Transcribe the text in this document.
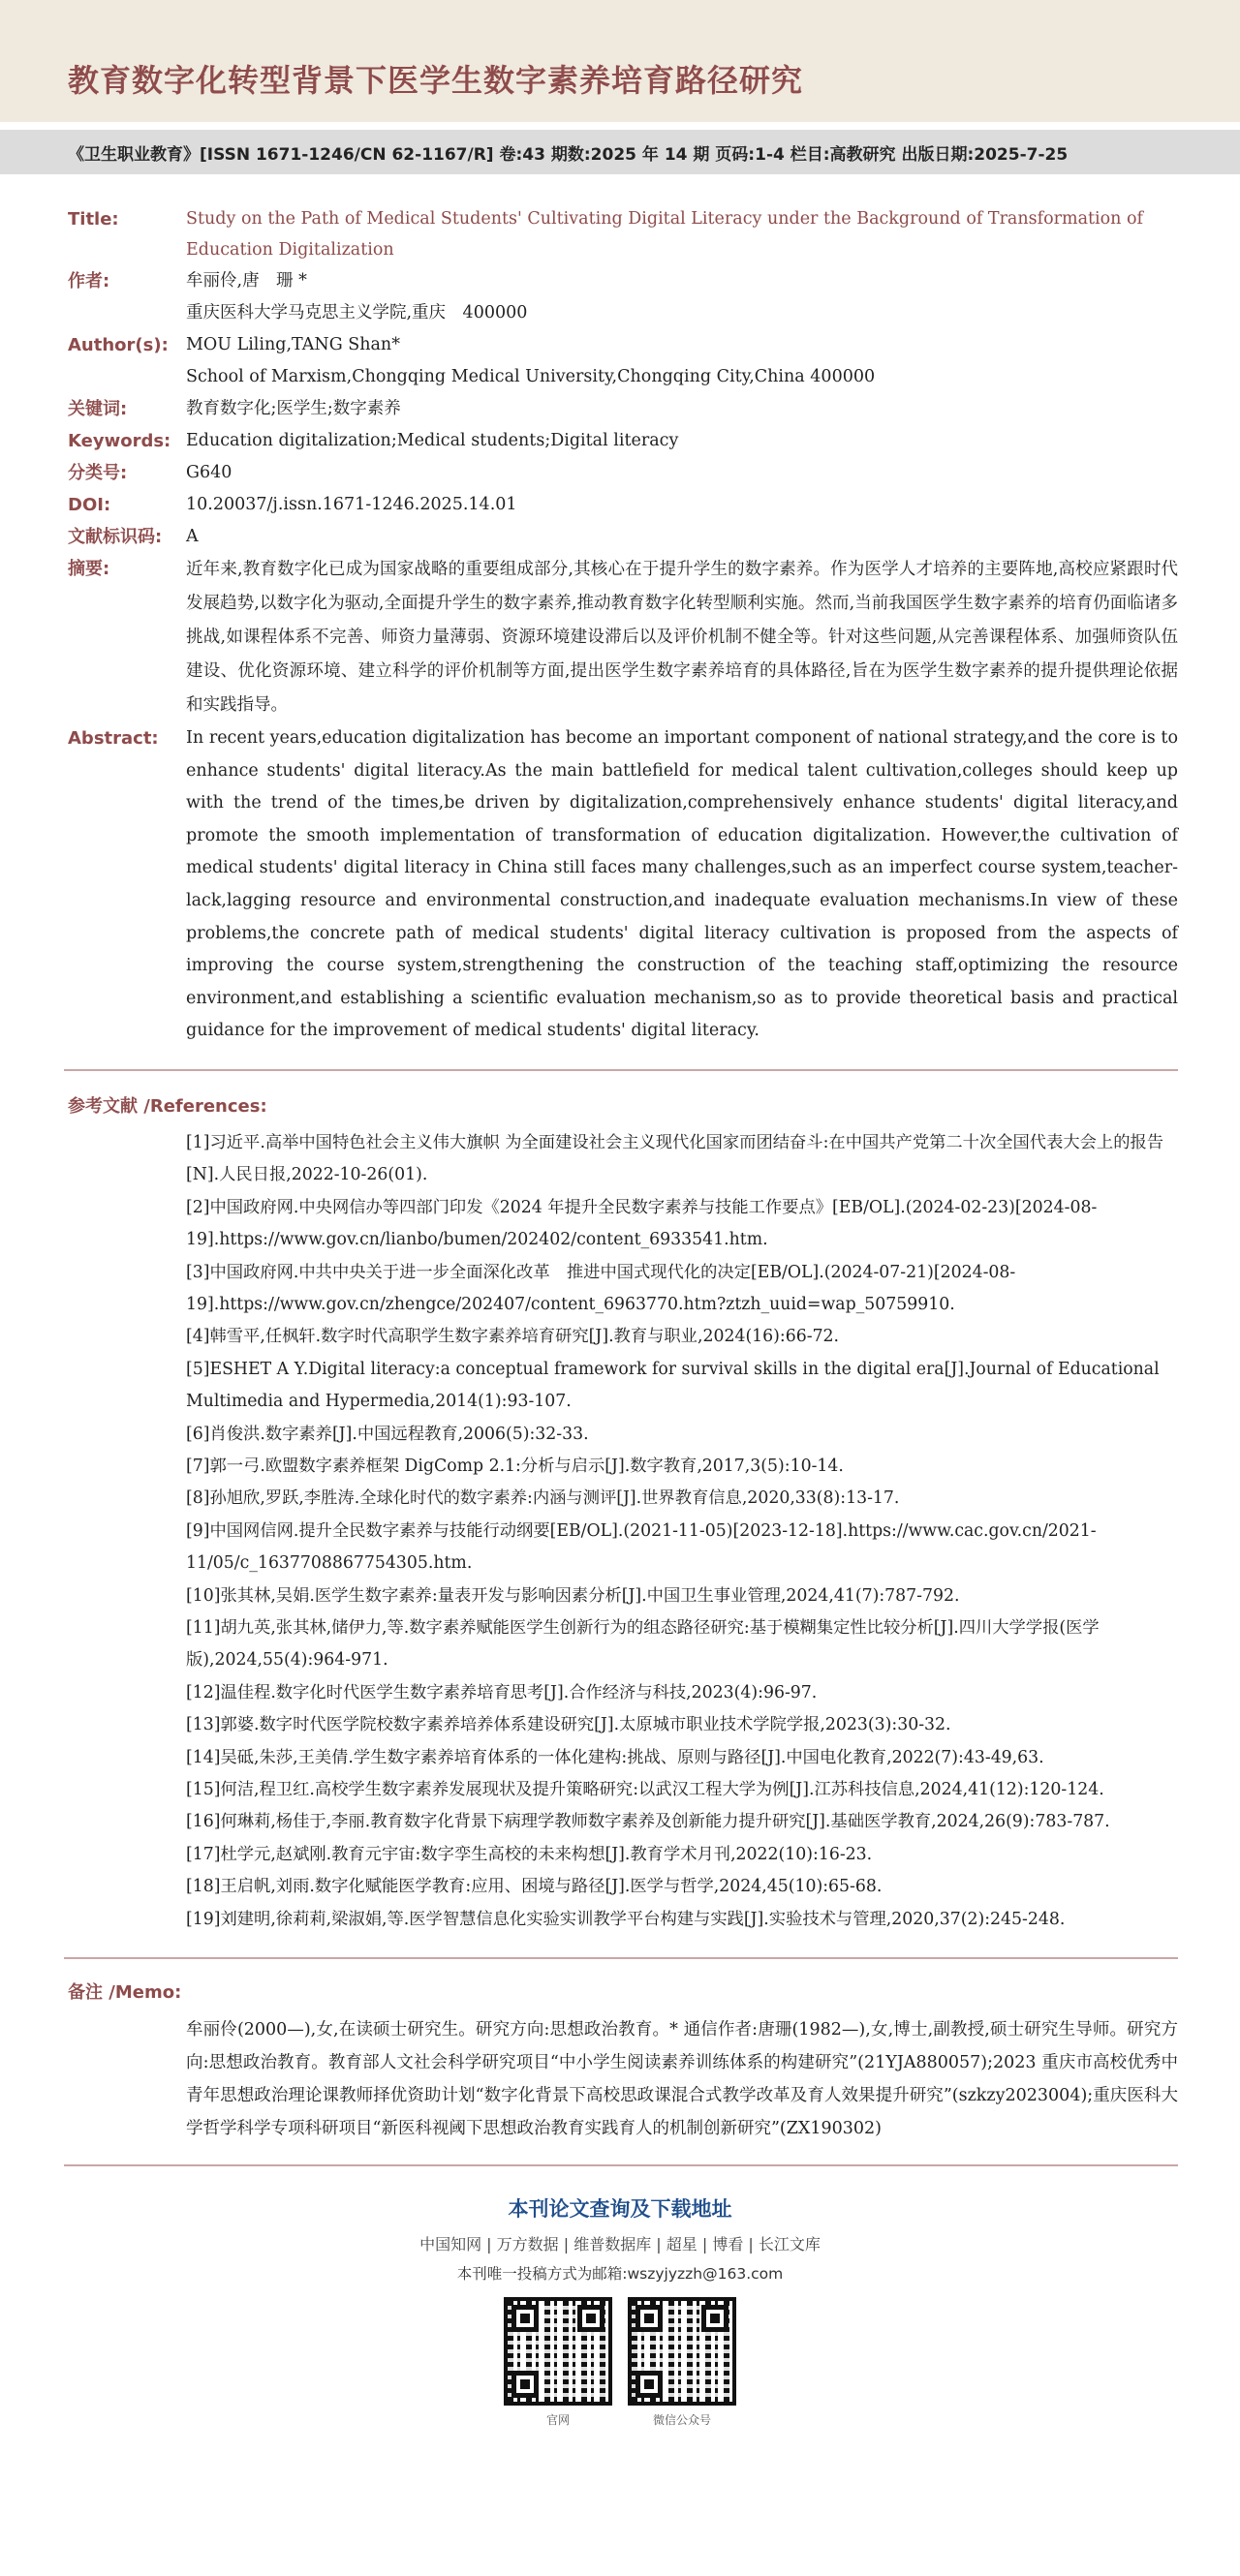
教育数字化转型背景下医学生数字素养培育路径研究
《卫生职业教育》[ISSN 1671-1246/CN 62-1167/R] 卷:43 期数:2025 年 14 期 页码:1-4 栏目:高教研究 出版日期:2025-7-25
Title:	Study on the Path of Medical Students' Cultivating Digital Literacy under the Background of Transformation of Education Digitalization
作者:	牟丽伶,唐　珊 *
重庆医科大学马克思主义学院,重庆　400000
Author(s):	MOU Liling,TANG Shan*
School of Marxism,Chongqing Medical University,Chongqing City,China 400000
关键词:	教育数字化;医学生;数字素养
Keywords: Education digitalization;Medical students;Digital literacy
分类号:	G640
DOI:	10.20037/j.issn.1671-1246.2025.14.01
文献标识码:	A
摘要:	近年来,教育数字化已成为国家战略的重要组成部分,其核心在于提升学生的数字素养。作为医学人才培养的主要阵地,高校应紧跟时代发展趋势,以数字化为驱动,全面提升学生的数字素养,推动教育数字化转型顺利实施。然而,当前我国医学生数字素养的培育仍面临诸多挑战,如课程体系不完善、师资力量薄弱、资源环境建设滞后以及评价机制不健全等。针对这些问题,从完善课程体系、加强师资队伍建设、优化资源环境、建立科学的评价机制等方面,提出医学生数字素养培育的具体路径,旨在为医学生数字素养的提升提供理论依据和实践指导。
Abstract:	In recent years,education digitalization has become an important component of national strategy,and the core is to enhance students' digital literacy.As the main battlefield for medical talent cultivation,colleges should keep up with the trend of the times,be driven by digitalization,comprehensively enhance students' digital literacy,and promote the smooth implementation of transformation of education digitalization. However,the cultivation of medical students' digital literacy in China still faces many challenges,such as an imperfect course system,teacher-lack,lagging resource and environmental construction,and inadequate evaluation mechanisms.In view of these problems,the concrete path of medical students' digital literacy cultivation is proposed from the aspects of improving the course system,strengthening the construction of the teaching staff,optimizing the resource environment,and establishing a scientific evaluation mechanism,so as to provide theoretical basis and practical guidance for the improvement of medical students' digital literacy.
参考文献 /References:
[1]习近平.高举中国特色社会主义伟大旗帜 为全面建设社会主义现代化国家而团结奋斗:在中国共产党第二十次全国代表大会上的报告[N].人民日报,2022-10-26(01).
[2]中国政府网.中央网信办等四部门印发《2024 年提升全民数字素养与技能工作要点》[EB/OL].(2024-02-23)[2024-08-19].https://www.gov.cn/lianbo/bumen/202402/content_6933541.htm.
[3]中国政府网.中共中央关于进一步全面深化改革　推进中国式现代化的决定[EB/OL].(2024-07-21)[2024-08-19].https://www.gov.cn/zhengce/202407/content_6963770.htm?ztzh_uuid=wap_50759910.
[4]韩雪平,任枫轩.数字时代高职学生数字素养培育研究[J].教育与职业,2024(16):66-72.
[5]ESHET A Y.Digital literacy:a conceptual framework for survival skills in the digital era[J].Journal of Educational Multimedia and Hypermedia,2014(1):93-107.
[6]肖俊洪.数字素养[J].中国远程教育,2006(5):32-33.
[7]郭一弓.欧盟数字素养框架 DigComp 2.1:分析与启示[J].数字教育,2017,3(5):10-14.
[8]孙旭欣,罗跃,李胜涛.全球化时代的数字素养:内涵与测评[J].世界教育信息,2020,33(8):13-17.
[9]中国网信网.提升全民数字素养与技能行动纲要[EB/OL].(2021-11-05)[2023-12-18].https://www.cac.gov.cn/2021-11/05/c_1637708867754305.htm.
[10]张其林,吴娟.医学生数字素养:量表开发与影响因素分析[J].中国卫生事业管理,2024,41(7):787-792.
[11]胡九英,张其林,储伊力,等.数字素养赋能医学生创新行为的组态路径研究:基于模糊集定性比较分析[J].四川大学学报(医学版),2024,55(4):964-971.
[12]温佳程.数字化时代医学生数字素养培育思考[J].合作经济与科技,2023(4):96-97.
[13]郭婆.数字时代医学院校数字素养培养体系建设研究[J].太原城市职业技术学院学报,2023(3):30-32.
[14]吴砥,朱莎,王美倩.学生数字素养培育体系的一体化建构:挑战、原则与路径[J].中国电化教育,2022(7):43-49,63.
[15]何洁,程卫红.高校学生数字素养发展现状及提升策略研究:以武汉工程大学为例[J].江苏科技信息,2024,41(12):120-124.
[16]何琳莉,杨佳于,李丽.教育数字化背景下病理学教师数字素养及创新能力提升研究[J].基础医学教育,2024,26(9):783-787.
[17]杜学元,赵斌刚.教育元宇宙:数字孪生高校的未来构想[J].教育学术月刊,2022(10):16-23.
[18]王启帆,刘雨.数字化赋能医学教育:应用、困境与路径[J].医学与哲学,2024,45(10):65-68.
[19]刘建明,徐莉莉,梁淑娟,等.医学智慧信息化实验实训教学平台构建与实践[J].实验技术与管理,2020,37(2):245-248.
备注 /Memo:
牟丽伶(2000—),女,在读硕士研究生。研究方向:思想政治教育。* 通信作者:唐珊(1982—),女,博士,副教授,硕士研究生导师。研究方向:思想政治教育。教育部人文社会科学研究项目“中小学生阅读素养训练体系的构建研究”(21YJA880057);2023 重庆市高校优秀中青年思想政治理论课教师择优资助计划“数字化背景下高校思政课混合式教学改革及育人效果提升研究”(szkzy2023004);重庆医科大学哲学科学专项科研项目“新医科视阈下思想政治教育实践育人的机制创新研究”(ZX190302)
本刊论文查询及下载地址
中国知网 | 万方数据 | 维普数据库 | 超星 | 博看 | 长江文库
本刊唯一投稿方式为邮箱:wszyjyzzh@163.com
官网	微信公众号
